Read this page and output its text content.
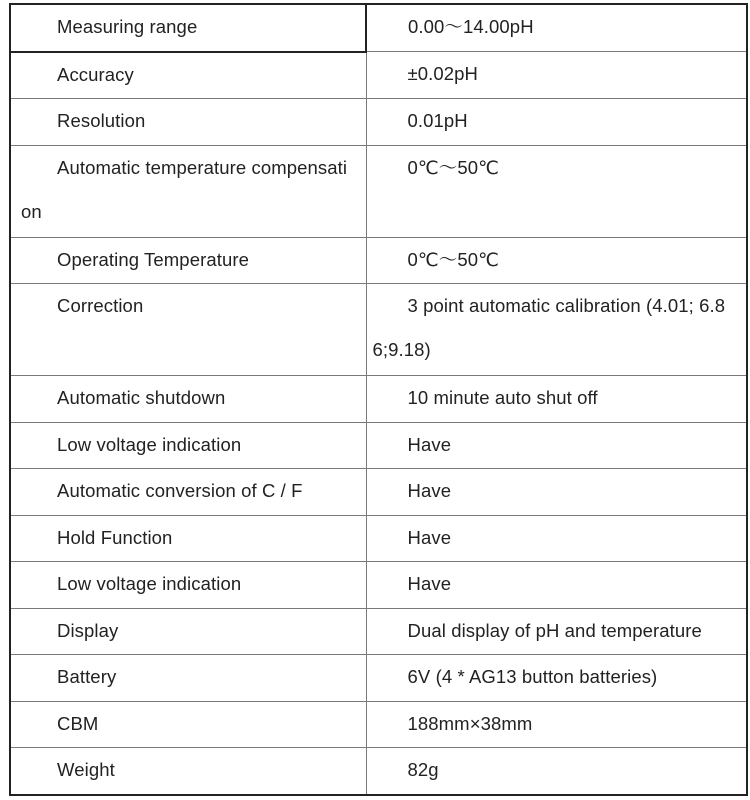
Measuring range	0.00～14.00pH
Accuracy	±0.02pH
Resolution	0.01pH
Automatic temperature compensation	0℃～50℃
Operating Temperature	0℃～50℃
Correction	3 point automatic calibration (4.01; 6.86;9.18)
Automatic shutdown	10 minute auto shut off
Low voltage indication	Have
Automatic conversion of C / F	Have
Hold Function	Have
Low voltage indication	Have
Display	Dual display of pH and temperature
Battery	6V (4 * AG13 button batteries)
CBM	188mm×38mm
Weight	82g
